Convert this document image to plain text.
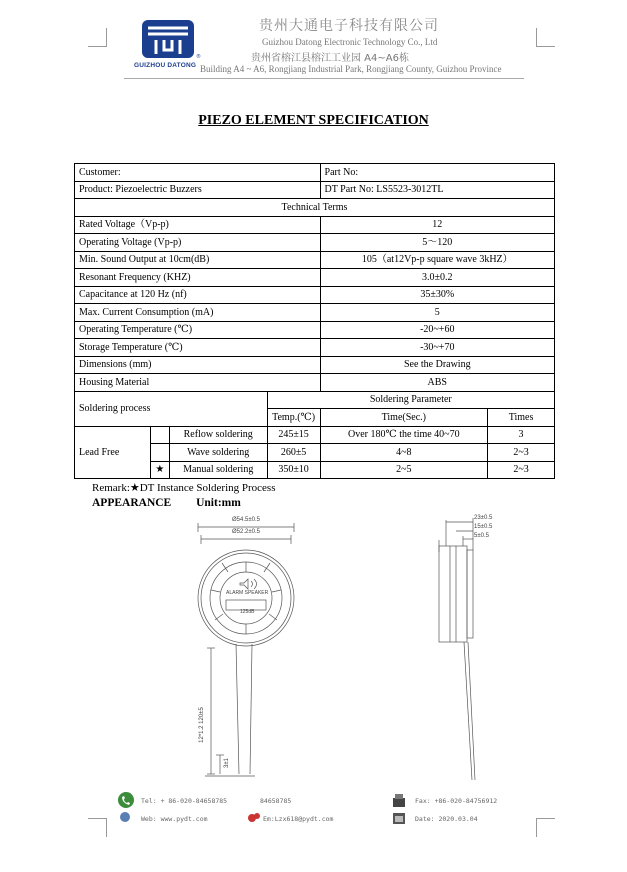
®
GUIZHOU DATONG
贵州大通电子科技有限公司
Guizhou Datong Electronic Technology Co., Ltd
贵州省榕江县榕江工业园 A4~A6栋
Building A4 ~ A6, Rongjiang Industrial Park, Rongjiang County, Guizhou Province
PIEZO ELEMENT SPECIFICATION
Customer:				Part No:	
Product: Piezoelectric Buzzers				DT Part No: LS5523-3012TL	
Technical Terms					
Rated Voltage（Vp-p)				12	
Operating Voltage (Vp-p)				5～120	
Min. Sound Output at 10cm(dB)				105（at12Vp-p square wave 3kHZ）	
Resonant Frequency (KHZ)				3.0±0.2	
Capacitance at 120 Hz (nf)				35±30%	
Max. Current Consumption (mA)				5	
Operating Temperature (℃)				-20~+60	
Storage Temperature (℃)				-30~+70	
Dimensions (mm)				See the Drawing	
Housing Material				ABS	
Soldering process			Soldering Parameter		
			Temp.(℃)	Time(Sec.)	Times
Lead Free		Reflow soldering	245±15	Over 180℃ the time 40~70	3
		Wave soldering	260±5	4~8	2~3
	★	Manual soldering	350±10	2~5	2~3
Remark:★DT Instance Soldering Process
APPEARANCE Unit:mm
Ø54.5±0.5
Ø52.2±0.5
ALARM SPEAKER
125dB
12*1.2 120±5
3±1
23±0.5
15±0.5
5±0.5
Tel: + 86-020-84658785	84658785	Fax: +86-020-84756912
Web: www.pydt.com	Em:Lzx618@pydt.com	Date: 2020.03.04
